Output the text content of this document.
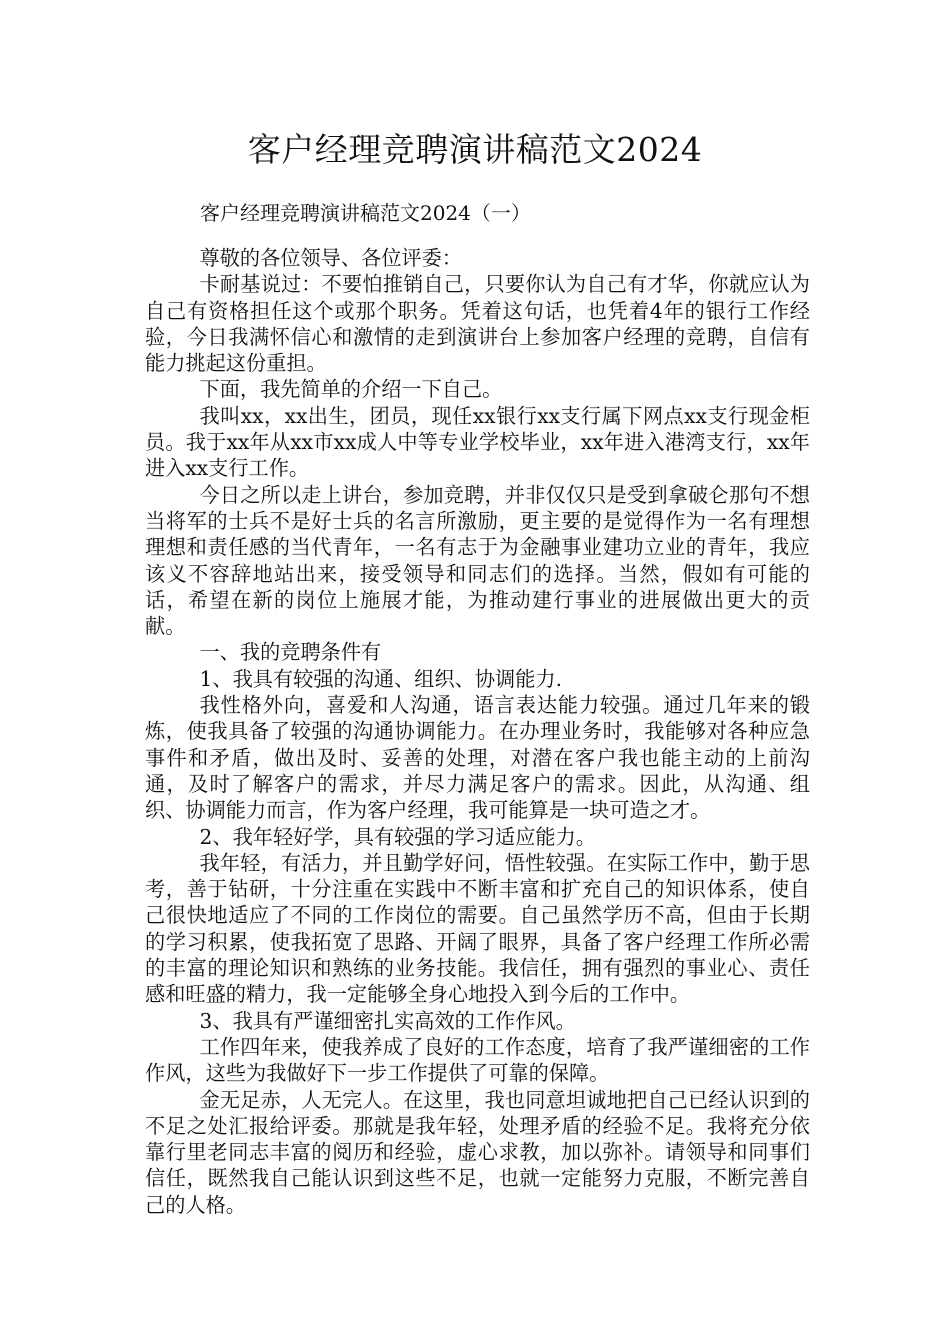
客户经理竞聘演讲稿范文2024

客户经理竞聘演讲稿范文2024（一）

尊敬的各位领导、各位评委：

卡耐基说过：不要怕推销自己，只要你认为自己有才华，你就应认为自己有资格担任这个或那个职务。凭着这句话，也凭着4年的银行工作经验，今日我满怀信心和激情的走到演讲台上参加客户经理的竞聘，自信有能力挑起这份重担。

下面，我先简单的介绍一下自己。

我叫xx，xx出生，团员，现任xx银行xx支行属下网点xx支行现金柜员。我于xx年从xx市xx成人中等专业学校毕业，xx年进入港湾支行，xx年进入xx支行工作。

今日之所以走上讲台，参加竞聘，并非仅仅只是受到拿破仑那句不想当将军的士兵不是好士兵的名言所激励，更主要的是觉得作为一名有理想理想和责任感的当代青年，一名有志于为金融事业建功立业的青年，我应该义不容辞地站出来，接受领导和同志们的选择。当然，假如有可能的话，希望在新的岗位上施展才能，为推动建行事业的进展做出更大的贡献。

一、我的竞聘条件有

1、我具有较强的沟通、组织、协调能力.

我性格外向，喜爱和人沟通，语言表达能力较强。通过几年来的锻炼，使我具备了较强的沟通协调能力。在办理业务时，我能够对各种应急事件和矛盾，做出及时、妥善的处理，对潜在客户我也能主动的上前沟通，及时了解客户的需求，并尽力满足客户的需求。因此，从沟通、组织、协调能力而言，作为客户经理，我可能算是一块可造之才。

2、我年轻好学，具有较强的学习适应能力。

我年轻，有活力，并且勤学好问，悟性较强。在实际工作中，勤于思考，善于钻研，十分注重在实践中不断丰富和扩充自己的知识体系，使自己很快地适应了不同的工作岗位的需要。自己虽然学历不高，但由于长期的学习积累，使我拓宽了思路、开阔了眼界，具备了客户经理工作所必需的丰富的理论知识和熟练的业务技能。我信任，拥有强烈的事业心、责任感和旺盛的精力，我一定能够全身心地投入到今后的工作中。

3、我具有严谨细密扎实高效的工作作风。

工作四年来，使我养成了良好的工作态度，培育了我严谨细密的工作作风，这些为我做好下一步工作提供了可靠的保障。

金无足赤，人无完人。在这里，我也同意坦诚地把自己已经认识到的不足之处汇报给评委。那就是我年轻，处理矛盾的经验不足。我将充分依靠行里老同志丰富的阅历和经验，虚心求教，加以弥补。请领导和同事们信任，既然我自己能认识到这些不足，也就一定能努力克服，不断完善自己的人格。
